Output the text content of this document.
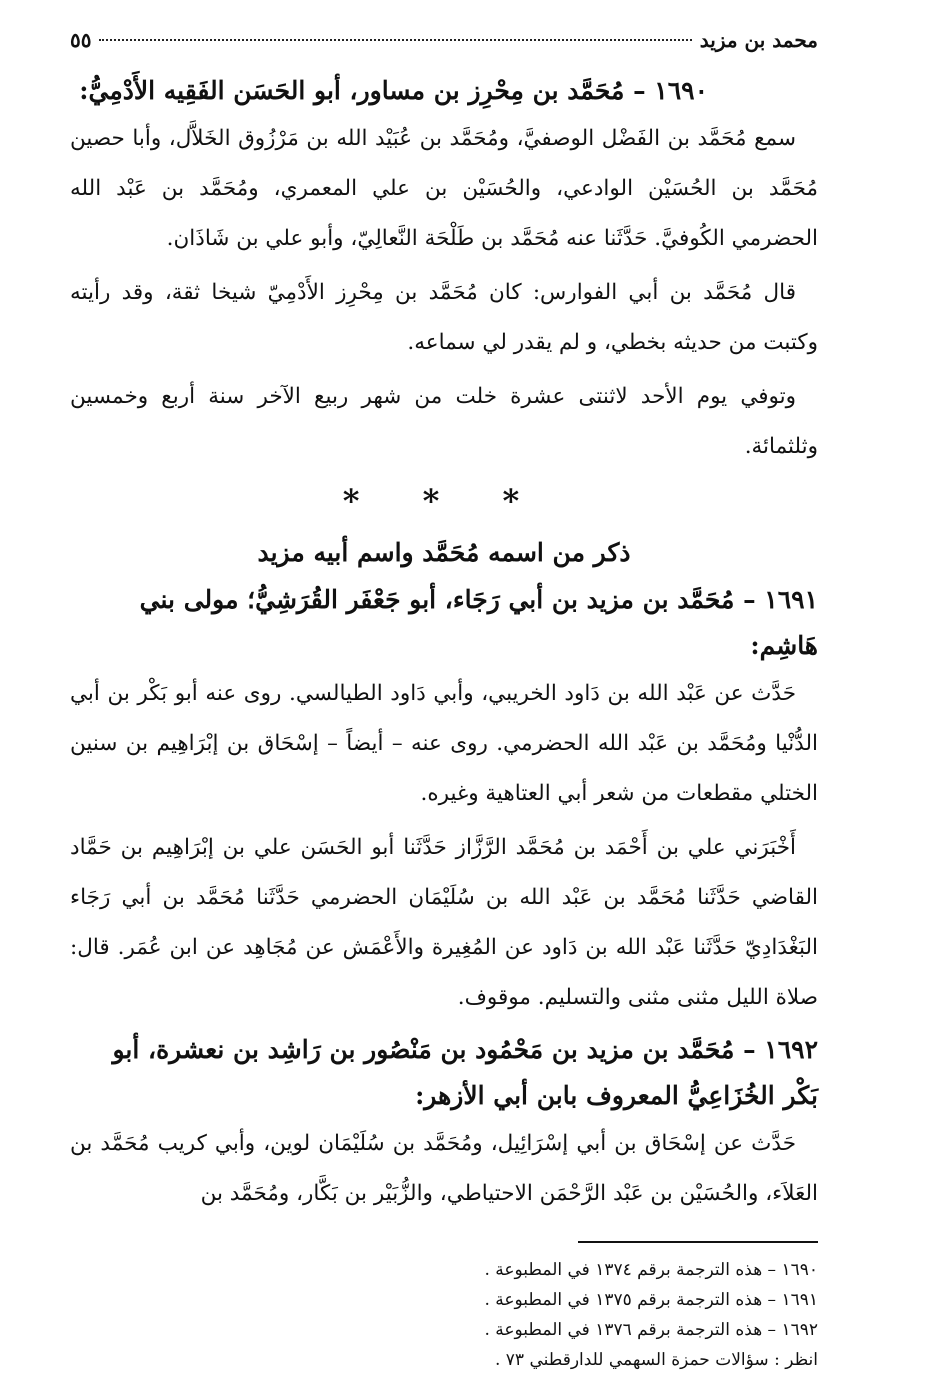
محمد بن مزيد
٥٥
١٦٩٠ – مُحَمَّد بن مِحْرِز بن مساور، أبو الحَسَن الفَقِيه الأَدْمِيُّ:

سمع مُحَمَّد بن الفَضْل الوصفيَّ، ومُحَمَّد بن عُبَيْد الله بن مَرْزُوق الخَلاَّل، وأبا حصين مُحَمَّد بن الحُسَيْن الوادعي، والحُسَيْن بن علي المعمري، ومُحَمَّد بن عَبْد الله الحضرمي الكُوفيَّ. حَدَّثَنا عنه مُحَمَّد بن طَلْحَة النَّعالِيّ، وأبو علي بن شَاذَان.

قال مُحَمَّد بن أبي الفوارس: كان مُحَمَّد بن مِحْرِز الأَدْمِيّ شيخا ثقة، وقد رأيته وكتبت من حديثه بخطي، و لم يقدر لي سماعه.

وتوفي يوم الأحد لاثنتى عشرة خلت من شهر ربيع الآخر سنة أربع وخمسين وثلثمائة.

* * *
ذكر من اسمه مُحَمَّد واسم أبيه مزيد
١٦٩١ – مُحَمَّد بن مزيد بن أبي رَجَاء، أبو جَعْفَر القُرَشِيُّ؛ مولى بني هَاشِم:

حَدَّث عن عَبْد الله بن دَاود الخريبي، وأبي دَاود الطيالسي. روى عنه أبو بَكْر بن أبي الدُّنْيا ومُحَمَّد بن عَبْد الله الحضرمي. روى عنه – أيضاً – إسْحَاق بن إبْرَاهِيم بن سنين الختلي مقطعات من شعر أبي العتاهية وغيره.

أَخْبَرَني علي بن أَحْمَد بن مُحَمَّد الرَّزَّاز حَدَّثَنا أبو الحَسَن علي بن إبْرَاهِيم بن حَمَّاد القاضي حَدَّثَنا مُحَمَّد بن عَبْد الله بن سُلَيْمَان الحضرمي حَدَّثَنا مُحَمَّد بن أبي رَجَاء البَغْدَادِيّ حَدَّثَنا عَبْد الله بن دَاود عن المُغِيرة والأَعْمَش عن مُجَاهِد عن ابن عُمَر. قال: صلاة الليل مثنى مثنى والتسليم. موقوف.

١٦٩٢ – مُحَمَّد بن مزيد بن مَحْمُود بن مَنْصُور بن رَاشِد بن نعشرة، أبو بَكْر الخُزَاعِيُّ المعروف بابن أبي الأزهر:

حَدَّث عن إسْحَاق بن أبي إسْرَائِيل، ومُحَمَّد بن سُلَيْمَان لوين، وأبي كريب مُحَمَّد بن العَلاَء، والحُسَيْن بن عَبْد الرَّحْمَن الاحتياطي، والزُّبَيْر بن بَكَّار، ومُحَمَّد بن

١٦٩٠ – هذه الترجمة برقم ١٣٧٤ في المطبوعة .
١٦٩١ – هذه الترجمة برقم ١٣٧٥ في المطبوعة .
١٦٩٢ – هذه الترجمة برقم ١٣٧٦ في المطبوعة .
انظر : سؤالات حمزة السهمي للدارقطني ٧٣ .
